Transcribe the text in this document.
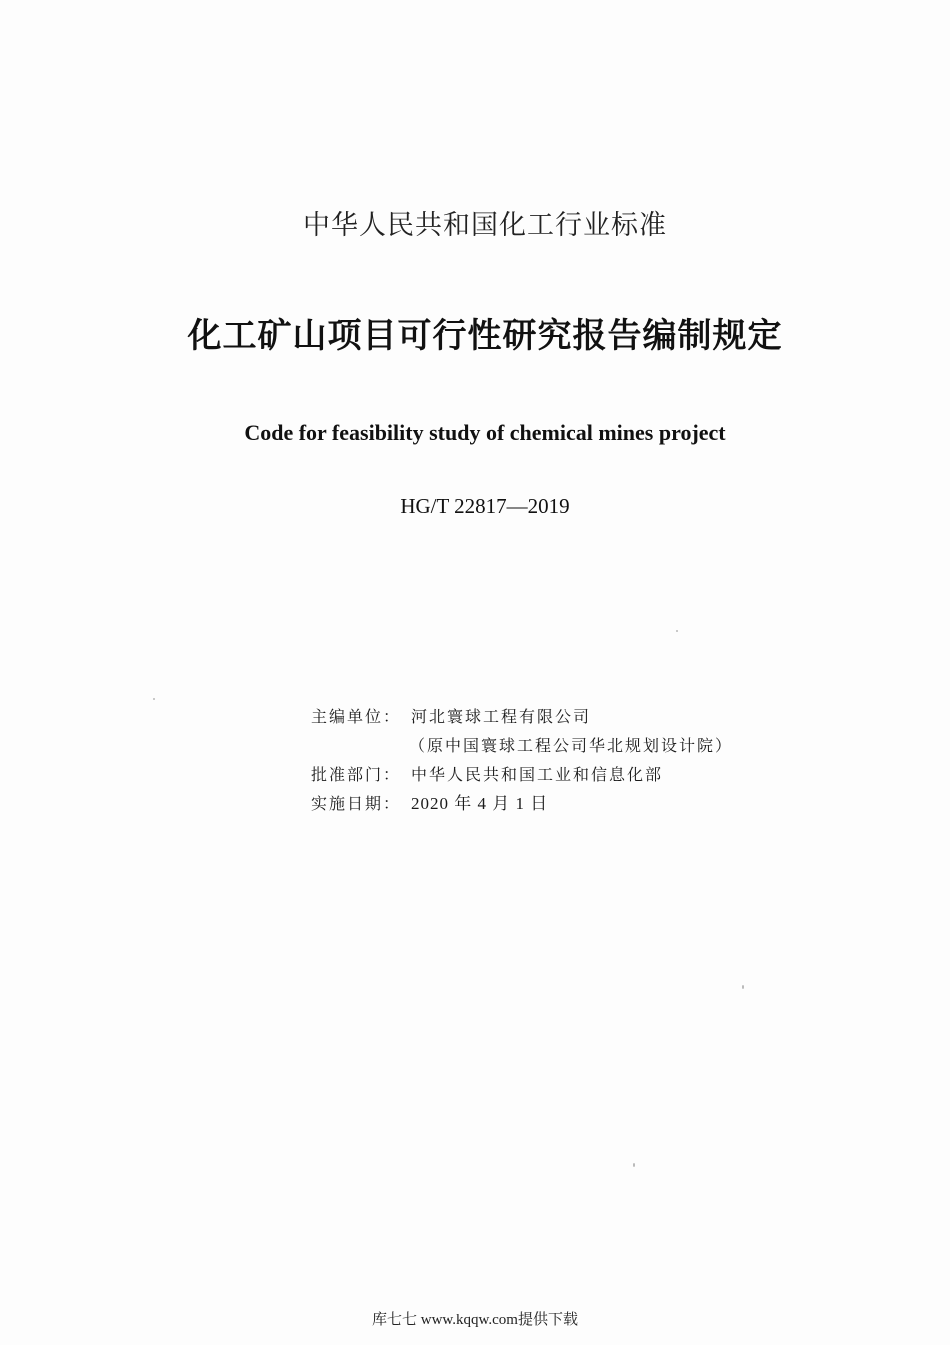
中华人民共和国化工行业标准
化工矿山项目可行性研究报告编制规定
Code for feasibility study of chemical mines project
HG/T 22817—2019
主编单位： 河北寰球工程有限公司
（原中国寰球工程公司华北规划设计院）
批准部门： 中华人民共和国工业和信息化部
实施日期： 2020 年 4 月 1 日
库七七 www.kqqw.com提供下载
